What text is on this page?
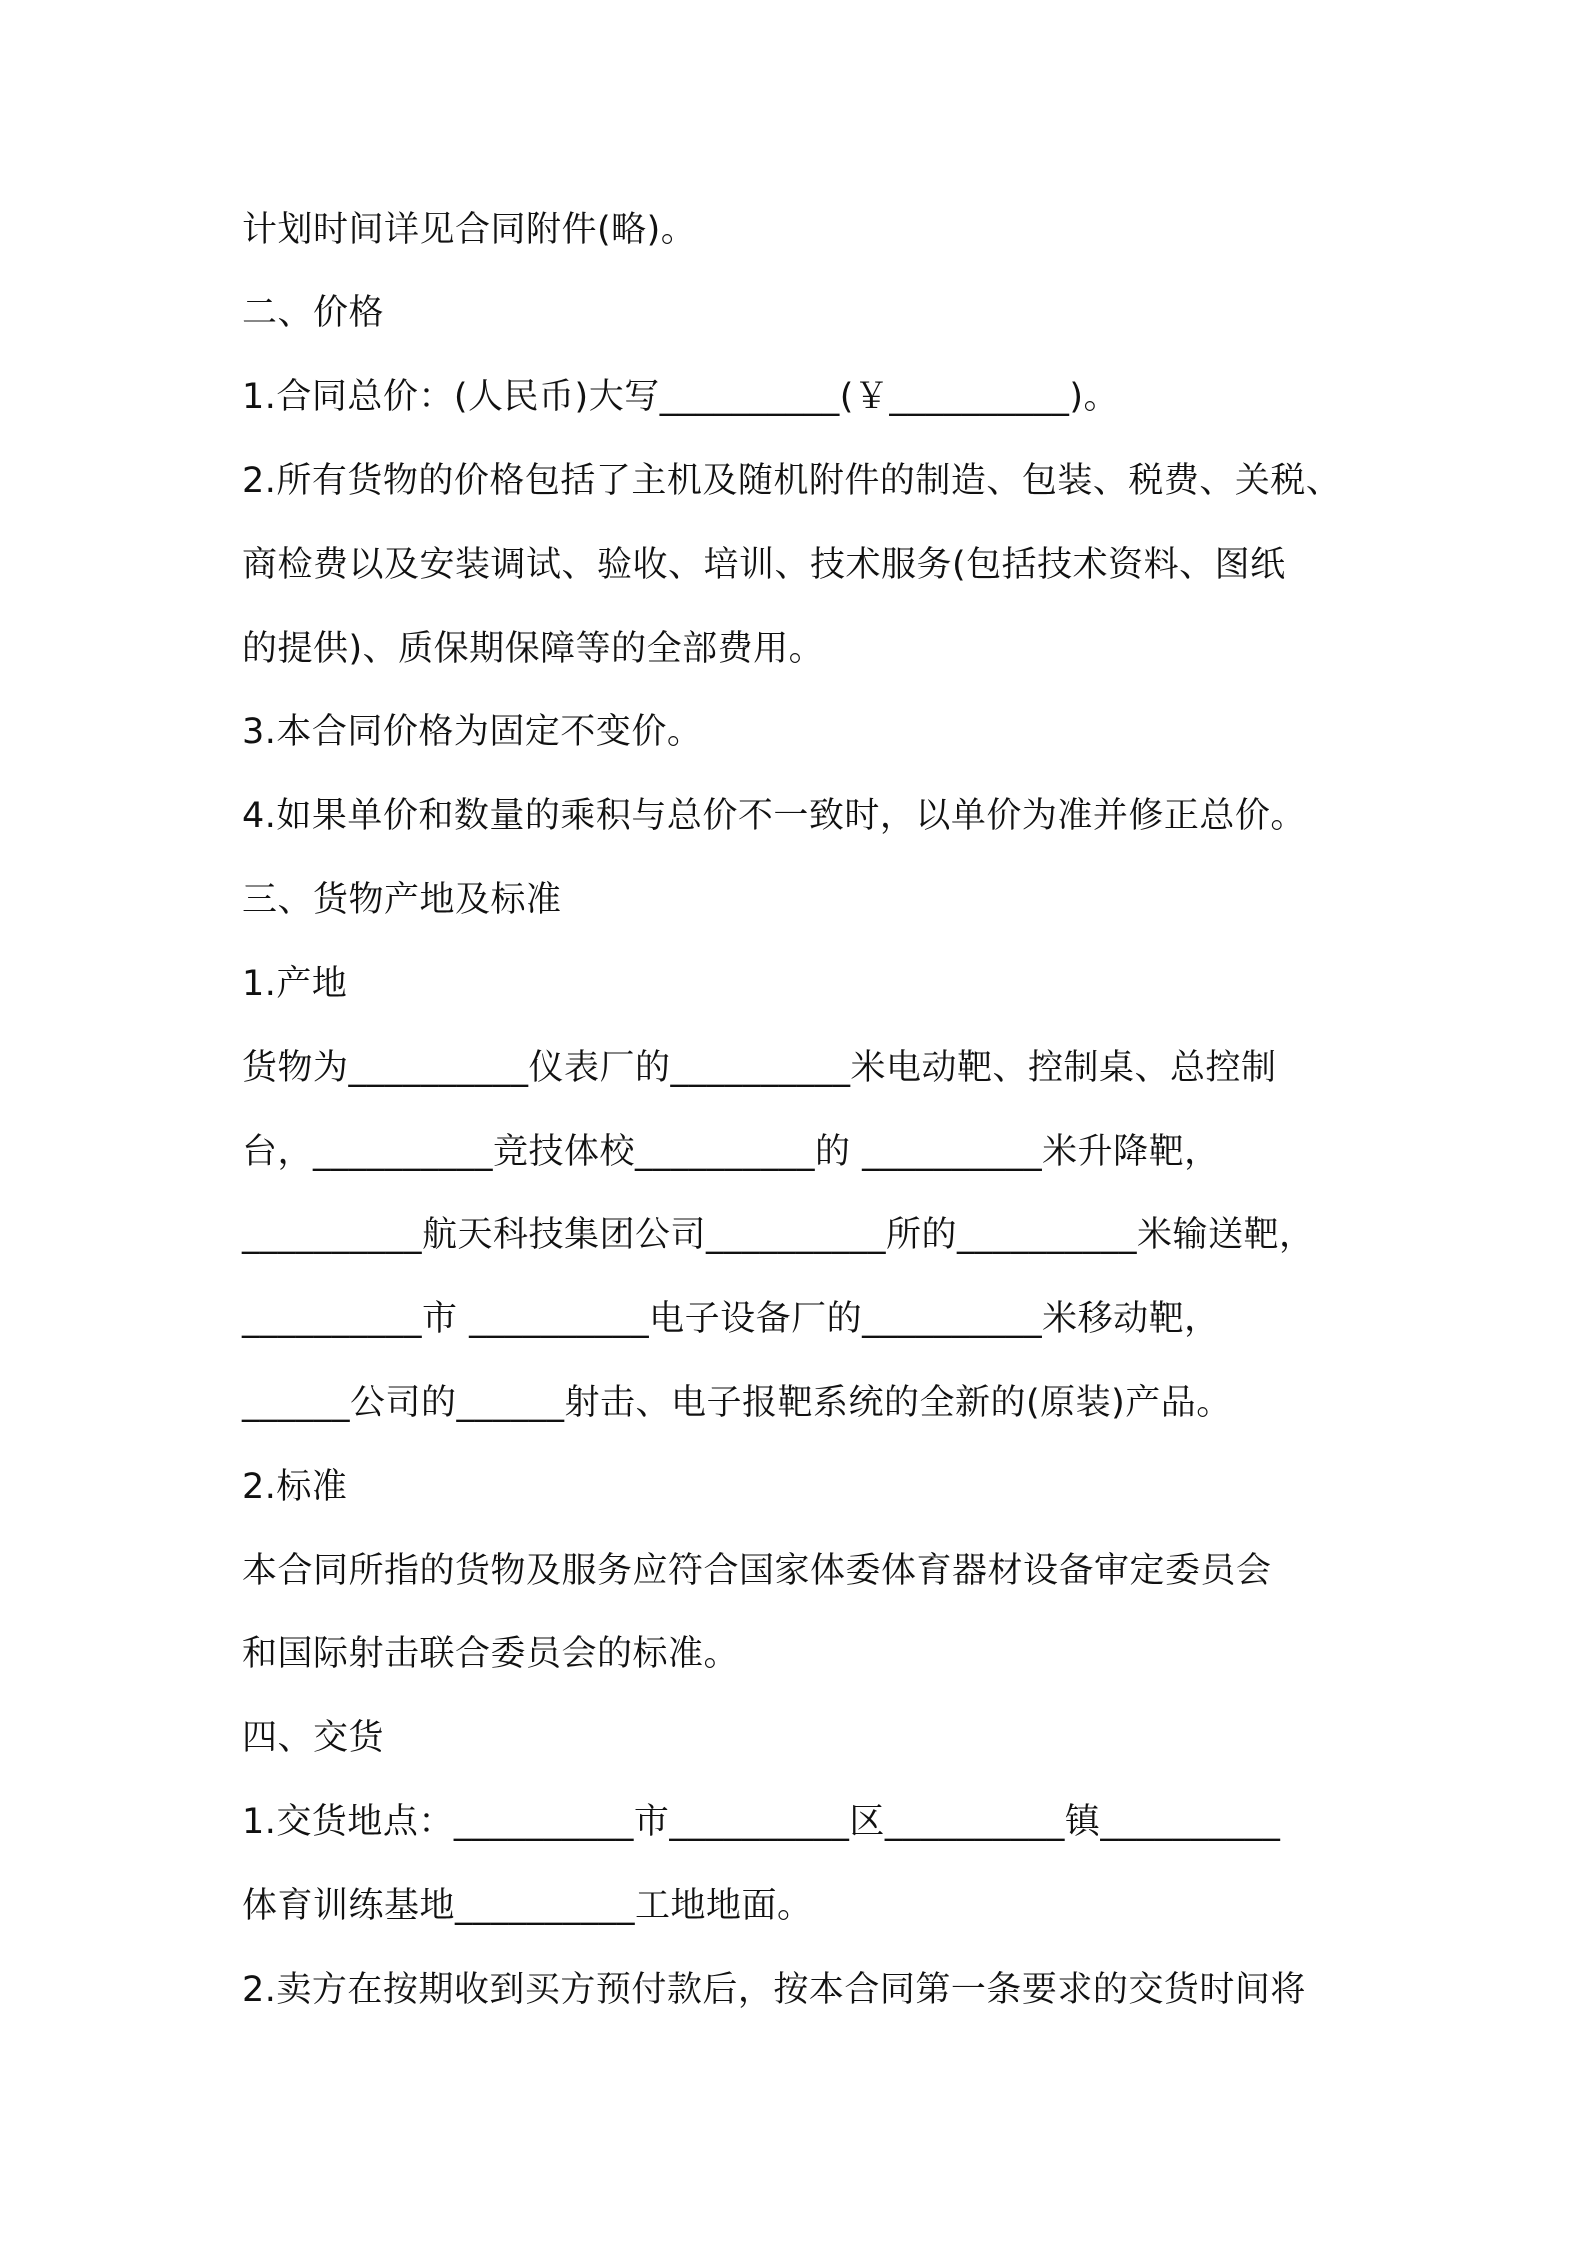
计划时间详见合同附件(略)。

二、价格

1.合同总价：(人民币)大写__________(￥__________)。

2.所有货物的价格包括了主机及随机附件的制造、包装、税费、关税、

商检费以及安装调试、验收、培训、技术服务(包括技术资料、图纸

的提供)、质保期保障等的全部费用。

3.本合同价格为固定不变价。

4.如果单价和数量的乘积与总价不一致时，以单价为准并修正总价。

三、货物产地及标准

1.产地

货物为__________仪表厂的__________米电动靶、控制桌、总控制

台，__________竞技体校__________的 __________米升降靶，

__________航天科技集团公司__________所的__________米输送靶，

__________市 __________电子设备厂的__________米移动靶，

______公司的______射击、电子报靶系统的全新的(原装)产品。

2.标准

本合同所指的货物及服务应符合国家体委体育器材设备审定委员会

和国际射击联合委员会的标准。

四、交货

1.交货地点：__________市__________区__________镇__________

体育训练基地__________工地地面。

2.卖方在按期收到买方预付款后，按本合同第一条要求的交货时间将
